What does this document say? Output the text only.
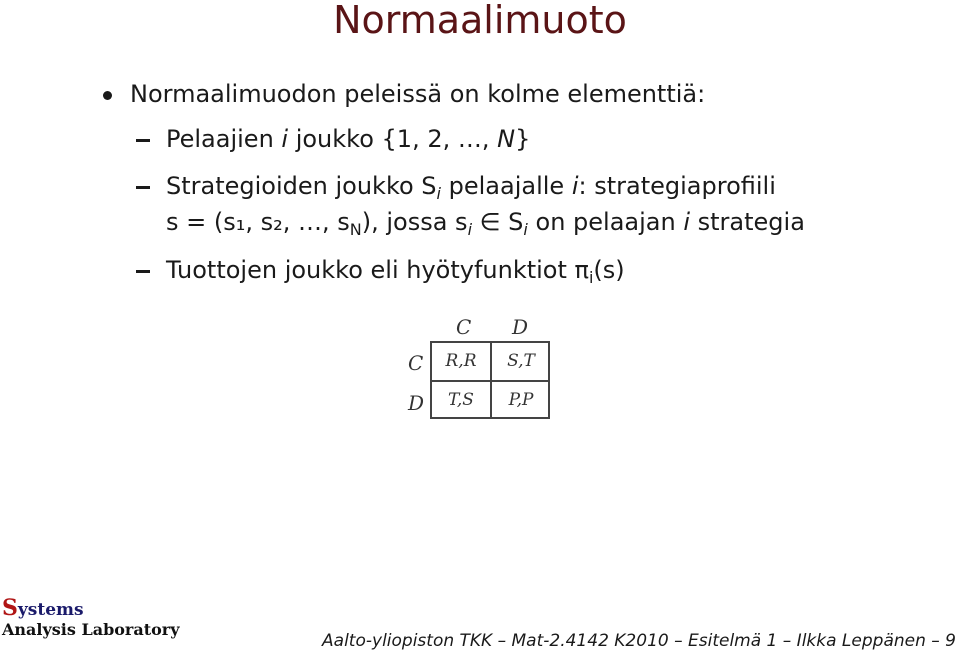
Normaalimuoto
Normaalimuodon peleissä on kolme elementtiä:
Pelaajien i joukko {1, 2, …, N}
Strategioiden joukko $S_i$ pelaajalle i: strategiaprofiili
s = (s₁, s₂, …, $s_N$), jossa $s_i$ ∈ $S_i$ on pelaajan i strategia
Tuottojen joukko eli hyötyfunktiot $\pi_i(s)$
C D
C
D
R,R	S,T
T,S	P,P
Systems
Analysis Laboratory
Aalto-yliopiston TKK – Mat-2.4142 K2010 – Esitelmä 1 – Ilkka Leppänen – 9
